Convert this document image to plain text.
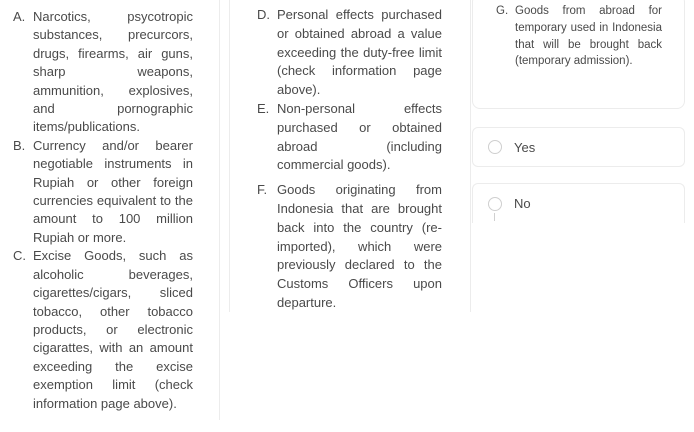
A. Narcotics, psycotropic substances, precurcors, drugs, firearms, air guns, sharp weapons, ammunition, explosives, and pornographic items/publications.
B. Currency and/or bearer negotiable instruments in Rupiah or other foreign currencies equivalent to the amount to 100 million Rupiah or more.
C. Excise Goods, such as alcoholic beverages, cigarettes/cigars, sliced tobacco, other tobacco products, or electronic cigarattes, with an amount exceeding the excise exemption limit (check information page above).
D. Personal effects purchased or obtained abroad a value exceeding the duty-free limit (check information page above).
E. Non-personal effects purchased or obtained abroad (including commercial goods).
F. Goods originating from Indonesia that are brought back into the country (re-imported), which were previously declared to the Customs Officers upon departure.
G. Goods from abroad for temporary used in Indonesia that will be brought back (temporary admission).
Yes
No
